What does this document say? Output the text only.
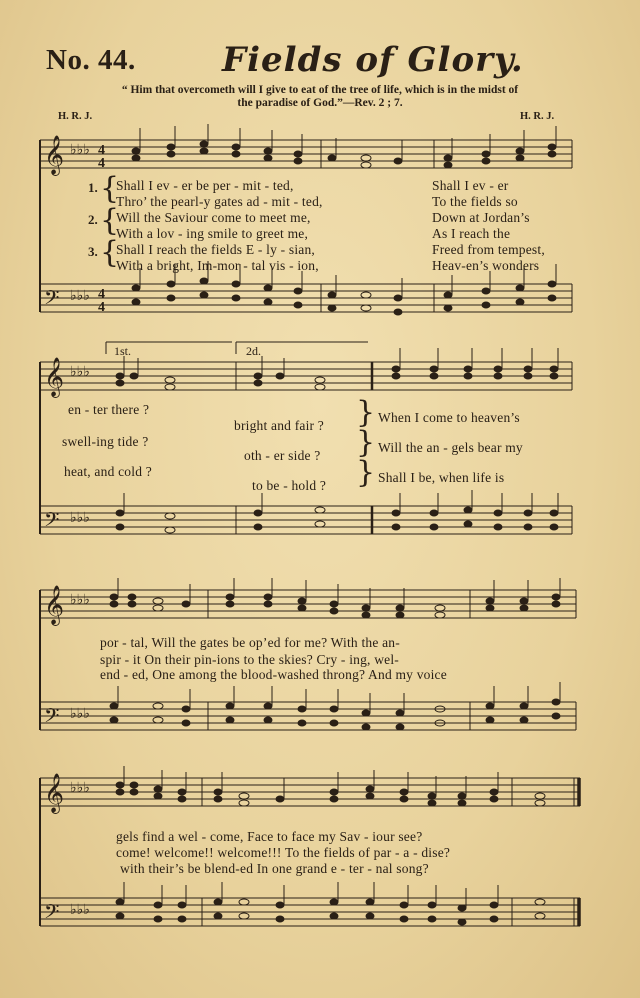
No. 44.	Fields of Glory.
“ Him that overcometh will I give to eat of the tree of life, which is in the midst of
the paradise of God.”—Rev. 2 ; 7.
H. R. J.	H. R. J.
𝄞
𝄢
♭♭♭
♭♭♭
4
4
4
4
1.
2.
3.
{
{
{
Shall I ev - er be per - mit - ted,
Thro’ the pearl-y gates ad - mit - ted,
Will the Saviour come to meet me,
With a lov - ing smile to greet me,
Shall I reach the fields E - ly - sian,
With a bright, Im-mor - tal vis - ion,
Shall I ev - er
To the fields so
Down at Jordan’s
As I reach the
Freed from tempest,
Heav-en’s wonders
𝄞
𝄢
♭♭♭
♭♭♭
1st.	2d.
en - ter there ?
swell-ing tide ?
heat, and cold ?
bright and fair ?
oth - er side ?
to be - hold ?
}
}
}
When I come to heaven’s
Will the an - gels bear my
Shall I be, when life is
𝄞
𝄢
♭♭♭
♭♭♭
por - tal, Will the gates be op’ed for me? With the an-
spir - it On their pin-ions to the skies? Cry - ing, wel-
end - ed, One among the blood-washed throng? And my voice
𝄞
𝄢
♭♭♭
♭♭♭
gels find a wel - come, Face to face my Sav - iour see?
come! welcome!! welcome!!! To the fields of par - a - dise?
with their’s be blend-ed In one grand e - ter - nal song?
